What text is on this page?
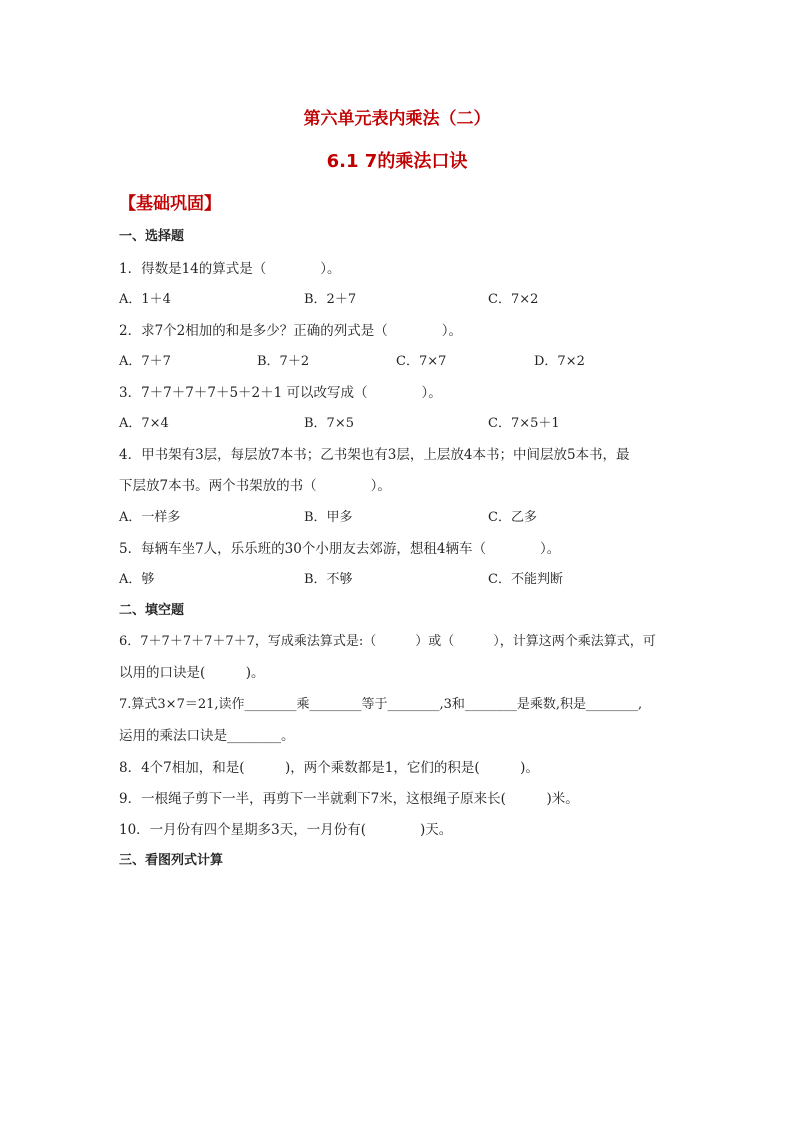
第六单元表内乘法（二）
6.1 7的乘法口诀
【基础巩固】
一、选择题
1．得数是14的算式是（　　　　）。
A．1＋4	B．2＋7	C．7×2
2．求7个2相加的和是多少？正确的列式是（　　　　）。
A．7＋7	B．7＋2	C．7×7	D．7×2
3．7＋7＋7＋7＋5＋2＋1 可以改写成（　　　　）。
A．7×4	B．7×5	C．7×5＋1
4．甲书架有3层，每层放7本书；乙书架也有3层，上层放4本书；中间层放5本书，最
下层放7本书。两个书架放的书（　　　　）。
A．一样多	B．甲多	C．乙多
5．每辆车坐7人，乐乐班的30个小朋友去郊游，想租4辆车（　　　　）。
A．够	B．不够	C．不能判断
二、填空题
6．7＋7＋7＋7＋7＋7，写成乘法算式是:（　　　）或（　　　），计算这两个乘法算式，可
以用的口诀是(　　　)。
7.算式3×7＝21,读作________乘________等于________,3和________是乘数,积是________,
运用的乘法口诀是________。
8．4个7相加，和是(　　　)，两个乘数都是1，它们的积是(　　　)。
9．一根绳子剪下一半，再剪下一半就剩下7米，这根绳子原来长(　　　)米。
10．一月份有四个星期多3天，一月份有(　　　　)天。
三、看图列式计算
